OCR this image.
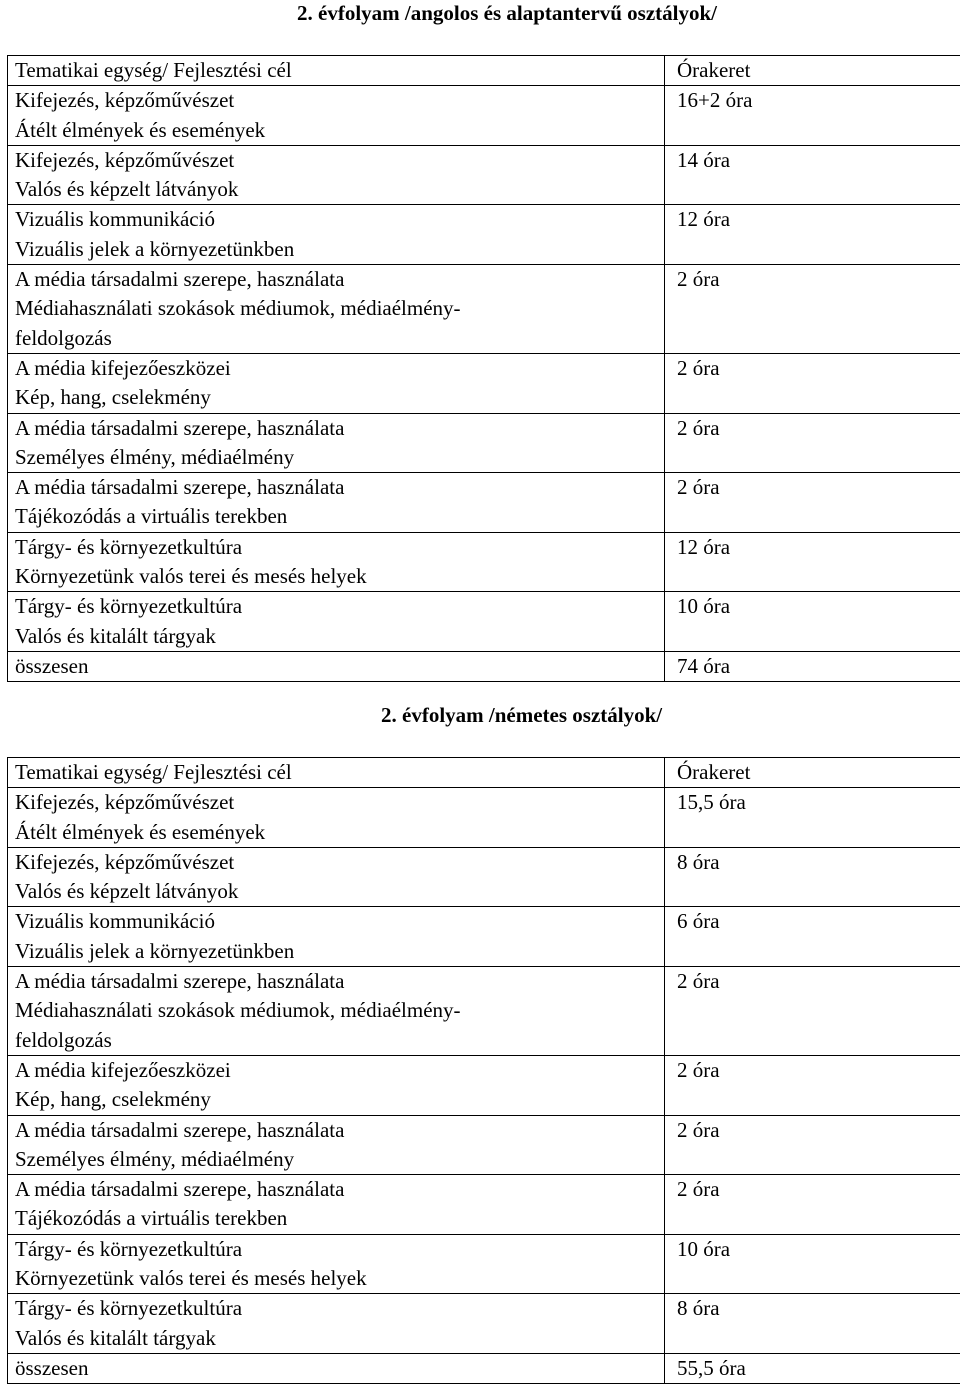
2. évfolyam /angolos és alaptantervű osztályok/
Tematikai egység/ Fejlesztési cél	Órakeret

Kifejezés, képzőművészet
Átélt élmények és események	16+2 óra

Kifejezés, képzőművészet
Valós és képzelt látványok	14 óra

Vizuális kommunikáció
Vizuális jelek a környezetünkben	12 óra

A média társadalmi szerepe, használata
Médiahasználati szokások médiumok, médiaélmény-
feldolgozás	2 óra

A média kifejezőeszközei
Kép, hang, cselekmény	2 óra

A média társadalmi szerepe, használata
Személyes élmény, médiaélmény	2 óra

A média társadalmi szerepe, használata
Tájékozódás a virtuális terekben	2 óra

Tárgy- és környezetkultúra
Környezetünk valós terei és mesés helyek	12 óra

Tárgy- és környezetkultúra
Valós és kitalált tárgyak	10 óra

összesen	74 óra
2. évfolyam /németes osztályok/
Tematikai egység/ Fejlesztési cél	Órakeret

Kifejezés, képzőművészet
Átélt élmények és események	15,5 óra

Kifejezés, képzőművészet
Valós és képzelt látványok	8 óra

Vizuális kommunikáció
Vizuális jelek a környezetünkben	6 óra

A média társadalmi szerepe, használata
Médiahasználati szokások médiumok, médiaélmény-
feldolgozás	2 óra

A média kifejezőeszközei
Kép, hang, cselekmény	2 óra

A média társadalmi szerepe, használata
Személyes élmény, médiaélmény	2 óra

A média társadalmi szerepe, használata
Tájékozódás a virtuális terekben	2 óra

Tárgy- és környezetkultúra
Környezetünk valós terei és mesés helyek	10 óra

Tárgy- és környezetkultúra
Valós és kitalált tárgyak	8 óra

összesen	55,5 óra
